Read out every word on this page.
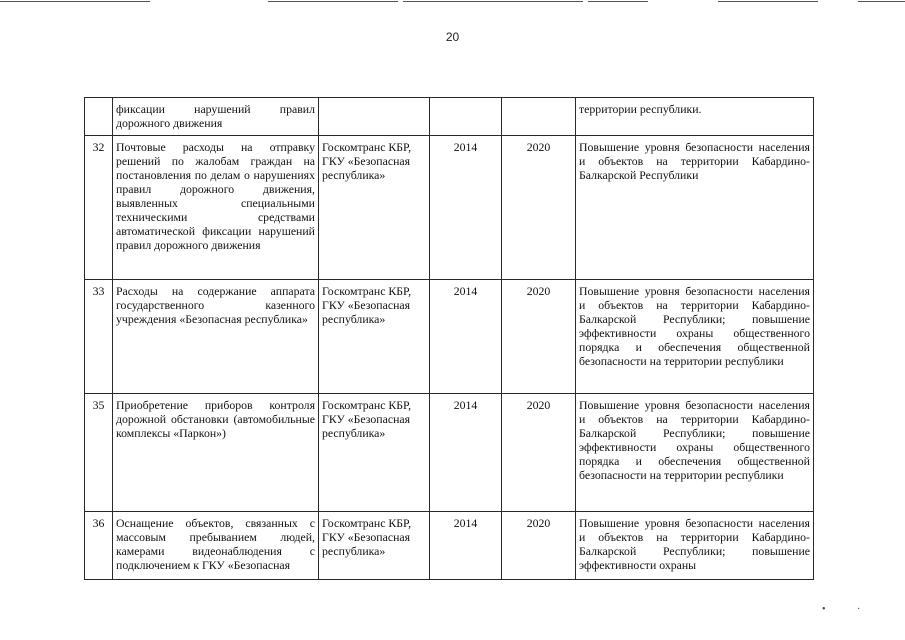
20
	фиксации нарушений правил дорожного движения				территории республики.
32	Почтовые расходы на отправку решений по жалобам граждан на постановления по делам о нарушениях правил дорожного движения, выявленных специальными техническими средствами автоматической фиксации нарушений правил дорожного движения	Госкомтранс КБР, ГКУ «Безопасная республика»	2014	2020	Повышение уровня безопасности населения и объектов на территории Кабардино-Балкарской Республики
33	Расходы на содержание аппарата государственного казенного учреждения «Безопасная республика»	Госкомтранс КБР, ГКУ «Безопасная республика»	2014	2020	Повышение уровня безопасности населения и объектов на территории Кабардино-Балкарской Республики; повышение эффективности охраны общественного порядка и обеспечения общественной безопасности на территории республики
35	Приобретение приборов контроля дорожной обстановки (автомобильные комплексы «Паркон»)	Госкомтранс КБР, ГКУ «Безопасная республика»	2014	2020	Повышение уровня безопасности населения и объектов на территории Кабардино-Балкарской Республики; повышение эффективности охраны общественного порядка и обеспечения общественной безопасности на территории республики
36	Оснащение объектов, связанных с массовым пребыванием людей, камерами видеонаблюдения с подключением к ГКУ «Безопасная	Госкомтранс КБР, ГКУ «Безопасная республика»	2014	2020	Повышение уровня безопасности населения и объектов на территории Кабардино-Балкарской Республики; повышение эффективности охраны
•	·
